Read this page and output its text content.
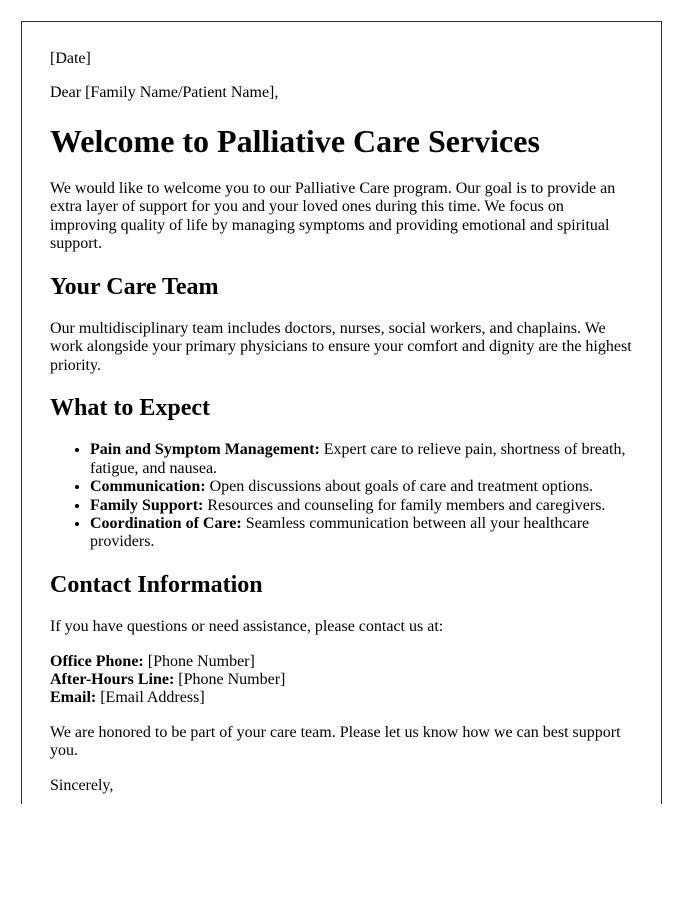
[Date]

Dear [Family Name/Patient Name],

Welcome to Palliative Care Services

We would like to welcome you to our Palliative Care program. Our goal is to provide an extra layer of support for you and your loved ones during this time. We focus on improving quality of life by managing symptoms and providing emotional and spiritual support.

Your Care Team

Our multidisciplinary team includes doctors, nurses, social workers, and chaplains. We work alongside your primary physicians to ensure your comfort and dignity are the highest priority.

What to Expect
• Pain and Symptom Management: Expert care to relieve pain, shortness of breath, fatigue, and nausea.
• Communication: Open discussions about goals of care and treatment options.
• Family Support: Resources and counseling for family members and caregivers.
• Coordination of Care: Seamless communication between all your healthcare providers.
Contact Information

If you have questions or need assistance, please contact us at:

Office Phone: [Phone Number]
After-Hours Line: [Phone Number]
Email: [Email Address]

We are honored to be part of your care team. Please let us know how we can best support you.

Sincerely,
